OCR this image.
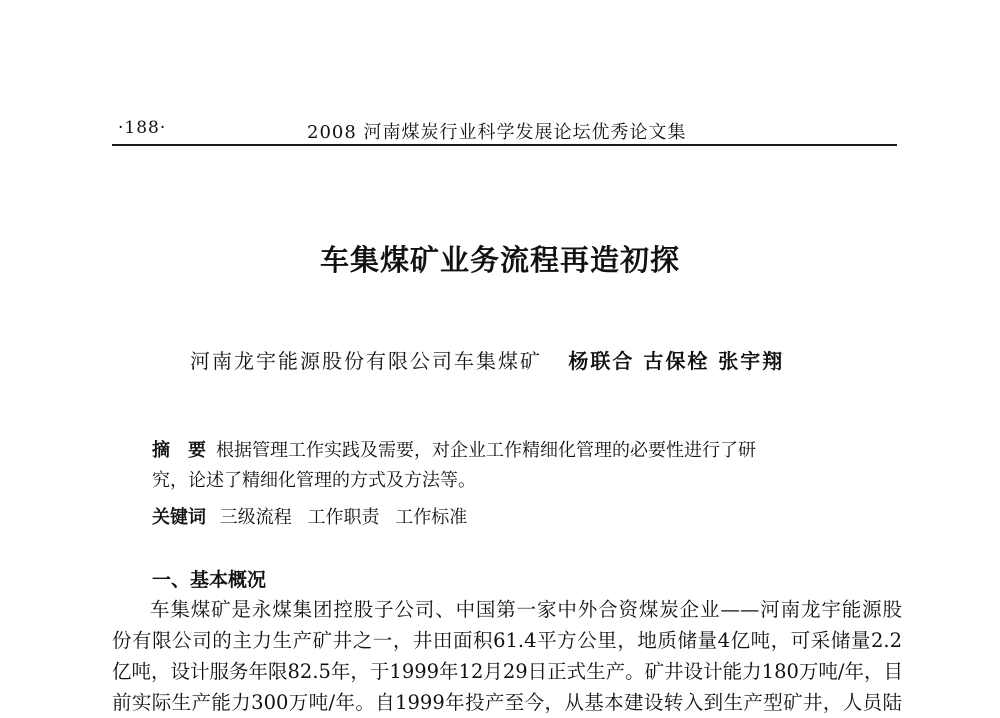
·188·	2008 河南煤炭行业科学发展论坛优秀论文集
车集煤矿业务流程再造初探
河南龙宇能源股份有限公司车集煤矿 杨联合 古保栓 张宇翔
摘　要 根据管理工作实践及需要，对企业工作精细化管理的必要性进行了研
究，论述了精细化管理的方式及方法等。
关键词 三级流程 工作职责 工作标准
一、基本概况
车集煤矿是永煤集团控股子公司、中国第一家中外合资煤炭企业——河南龙宇能源股
份有限公司的主力生产矿井之一，井田面积61.4平方公里，地质储量4亿吨，可采储量2.2
亿吨，设计服务年限82.5年，于1999年12月29日正式生产。矿井设计能力180万吨/年，目
前实际生产能力300万吨/年。自1999年投产至今，从基本建设转入到生产型矿井，人员陆
